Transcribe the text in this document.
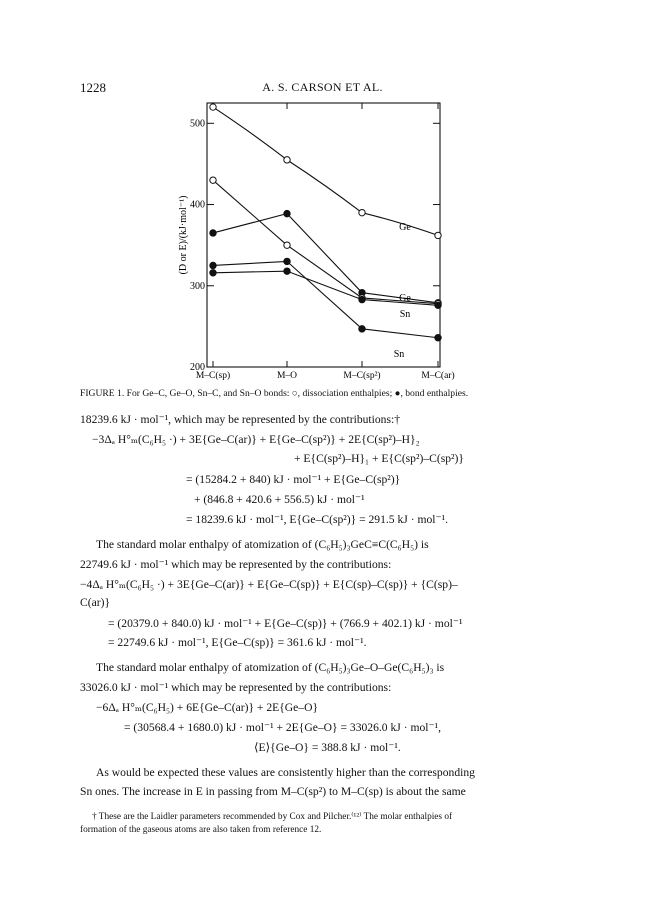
1228	A. S. CARSON ET AL.
200
300
400
500
M–C(sp)	M–O	M–C(sp²)	M–C(ar)
(D or E)/(kJ·mol⁻¹)	Ge
Ge
Sn
Sn
FIGURE 1. For Ge–C, Ge–O, Sn–C, and Sn–O bonds: ○, dissociation enthalpies; ●, bond enthalpies.
18239.6 kJ · mol⁻¹, which may be represented by the contributions:†
−3Δₐ H°ₘ(C₆H₅ ·) + 3E{Ge–C(ar)} + E{Ge–C(sp²)} + 2E{C(sp²)–H}₂
+ E{C(sp²)–H}₁ + E{C(sp²)–C(sp²)}
= (15284.2 + 840) kJ · mol⁻¹ + E{Ge–C(sp²)}
+ (846.8 + 420.6 + 556.5) kJ · mol⁻¹
= 18239.6 kJ · mol⁻¹, E{Ge–C(sp²)} = 291.5 kJ · mol⁻¹.
The standard molar enthalpy of atomization of (C₆H₅)₃GeC≡C(C₆H₅) is
22749.6 kJ · mol⁻¹ which may be represented by the contributions:
−4Δₐ H°ₘ(C₆H₅ ·) + 3E{Ge–C(ar)} + E{Ge–C(sp)} + E{C(sp)–C(sp)} + {C(sp)–
C(ar)}
= (20379.0 + 840.0) kJ · mol⁻¹ + E{Ge–C(sp)} + (766.9 + 402.1) kJ · mol⁻¹
= 22749.6 kJ · mol⁻¹, E{Ge–C(sp)} = 361.6 kJ · mol⁻¹.
The standard molar enthalpy of atomization of (C₆H₅)₃Ge–O–Ge(C₆H₅)₃ is
33026.0 kJ · mol⁻¹ which may be represented by the contributions:
−6Δₐ H°ₘ(C₆H₅) + 6E{Ge–C(ar)} + 2E{Ge–O}
= (30568.4 + 1680.0) kJ · mol⁻¹ + 2E{Ge–O} = 33026.0 kJ · mol⁻¹,
⟨E⟩{Ge–O} = 388.8 kJ · mol⁻¹.
As would be expected these values are consistently higher than the corresponding
Sn ones. The increase in E in passing from M–C(sp²) to M–C(sp) is about the same
† These are the Laidler parameters recommended by Cox and Pilcher.⁽¹²⁾ The molar enthalpies of
formation of the gaseous atoms are also taken from reference 12.
